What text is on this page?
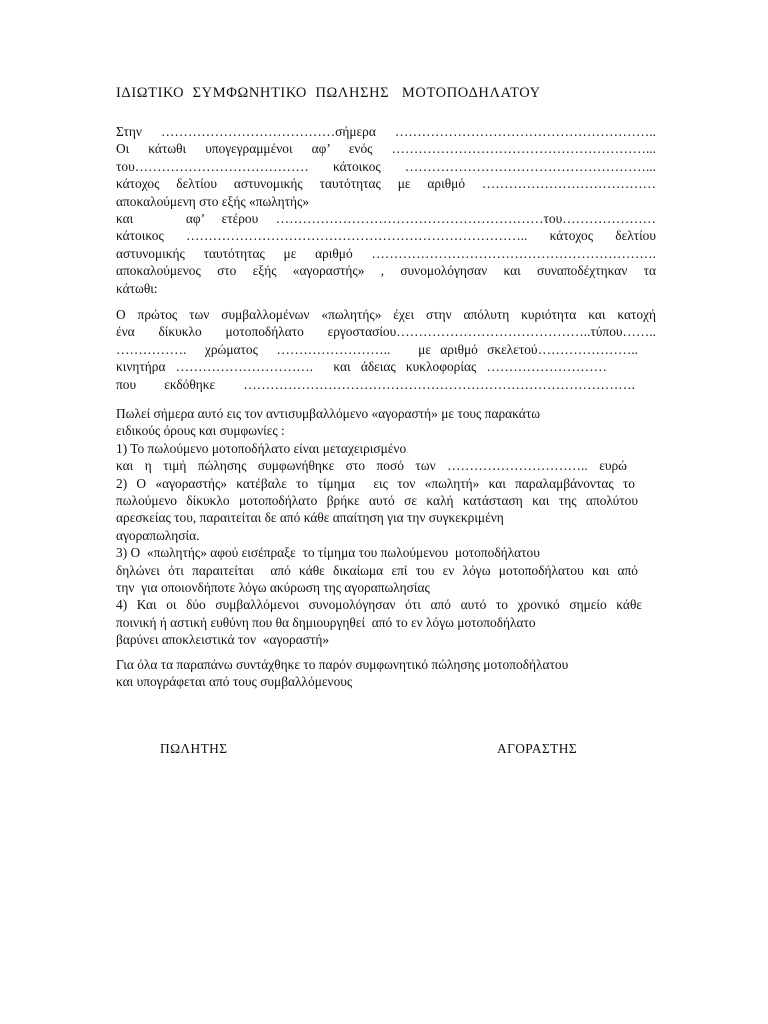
ΙΔΙΩΤΙΚΟ  ΣΥΜΦΩΝΗΤΙΚΟ  ΠΩΛΗΣΗΣ   ΜΟΤΟΠΟΔΗΛΑΤΟΥ
Στην …………………………………σήμερα …………………………………………………..
Οι κάτωθι υπογεγραμμένοι αφ’ ενός …………………………………………………...
του………………………………… κάτοικος ………………………………………………...
κάτοχος δελτίου αστυνομικής ταυτότητας με αριθμό …………………………………
αποκαλούμενη στο εξής «πωλητής»
και   αφ’ ετέρου ……………………………………………………του…………………
κάτοικος ………………………………………………………………….. κάτοχος δελτίου
αστυνομικής ταυτότητας με αριθμό ……………………………………………………….
αποκαλούμενος στο εξής «αγοραστής» , συνομολόγησαν και συναποδέχτηκαν τα
κάτωθι:
Ο πρώτος των συμβαλλομένων «πωλητής» έχει στην απόλυτη κυριότητα και κατοχή
ένα δίκυκλο μοτοποδήλατο εργοστασίου……………………………………..τύπου……..
…………….  χρώματος  ……………………..   με αριθμό σκελετού…………………..
κινητήρα ………………………….  και άδειας κυκλοφορίας ………………………
που εκδόθηκε …………………………………………………………………………….
Πωλεί σήμερα αυτό εις τον αντισυμβαλλόμενο «αγοραστή» με τους παρακάτω
ειδικούς όρους και συμφωνίες :
1) Το πωλούμενο μοτοποδήλατο είναι μεταχειρισμένο
και η τιμή πώλησης συμφωνήθηκε στο ποσό των ………………………….. ευρώ
2) Ο «αγοραστής» κατέβαλε το τίμημα  εις τον «πωλητή» και παραλαμβάνοντας το
πωλούμενο δίκυκλο μοτοποδήλατο βρήκε αυτό σε καλή κατάσταση και της απολύτου
αρεσκείας του, παραιτείται δε από κάθε απαίτηση για την συγκεκριμένη
αγοραπωλησία.
3) Ο  «πωλητής» αφού εισέπραξε  το τίμημα του πωλούμενου  μοτοποδήλατου
δηλώνει ότι παραιτείται  από κάθε δικαίωμα επί του εν λόγω μοτοποδήλατου και από
την  για οποιονδήποτε λόγω ακύρωση της αγοραπωλησίας
4) Και οι δύο συμβαλλόμενοι συνομολόγησαν ότι από αυτό το χρονικό σημείο κάθε
ποινική ή αστική ευθύνη που θα δημιουργηθεί  από το εν λόγω μοτοποδήλατο
βαρύνει αποκλειστικά τον  «αγοραστή»
Για όλα τα παραπάνω συντάχθηκε το παρόν συμφωνητικό πώλησης μοτοποδήλατου
και υπογράφεται από τους συμβαλλόμενους
ΠΩΛΗΤΗΣ	ΑΓΟΡΑΣΤΗΣ
